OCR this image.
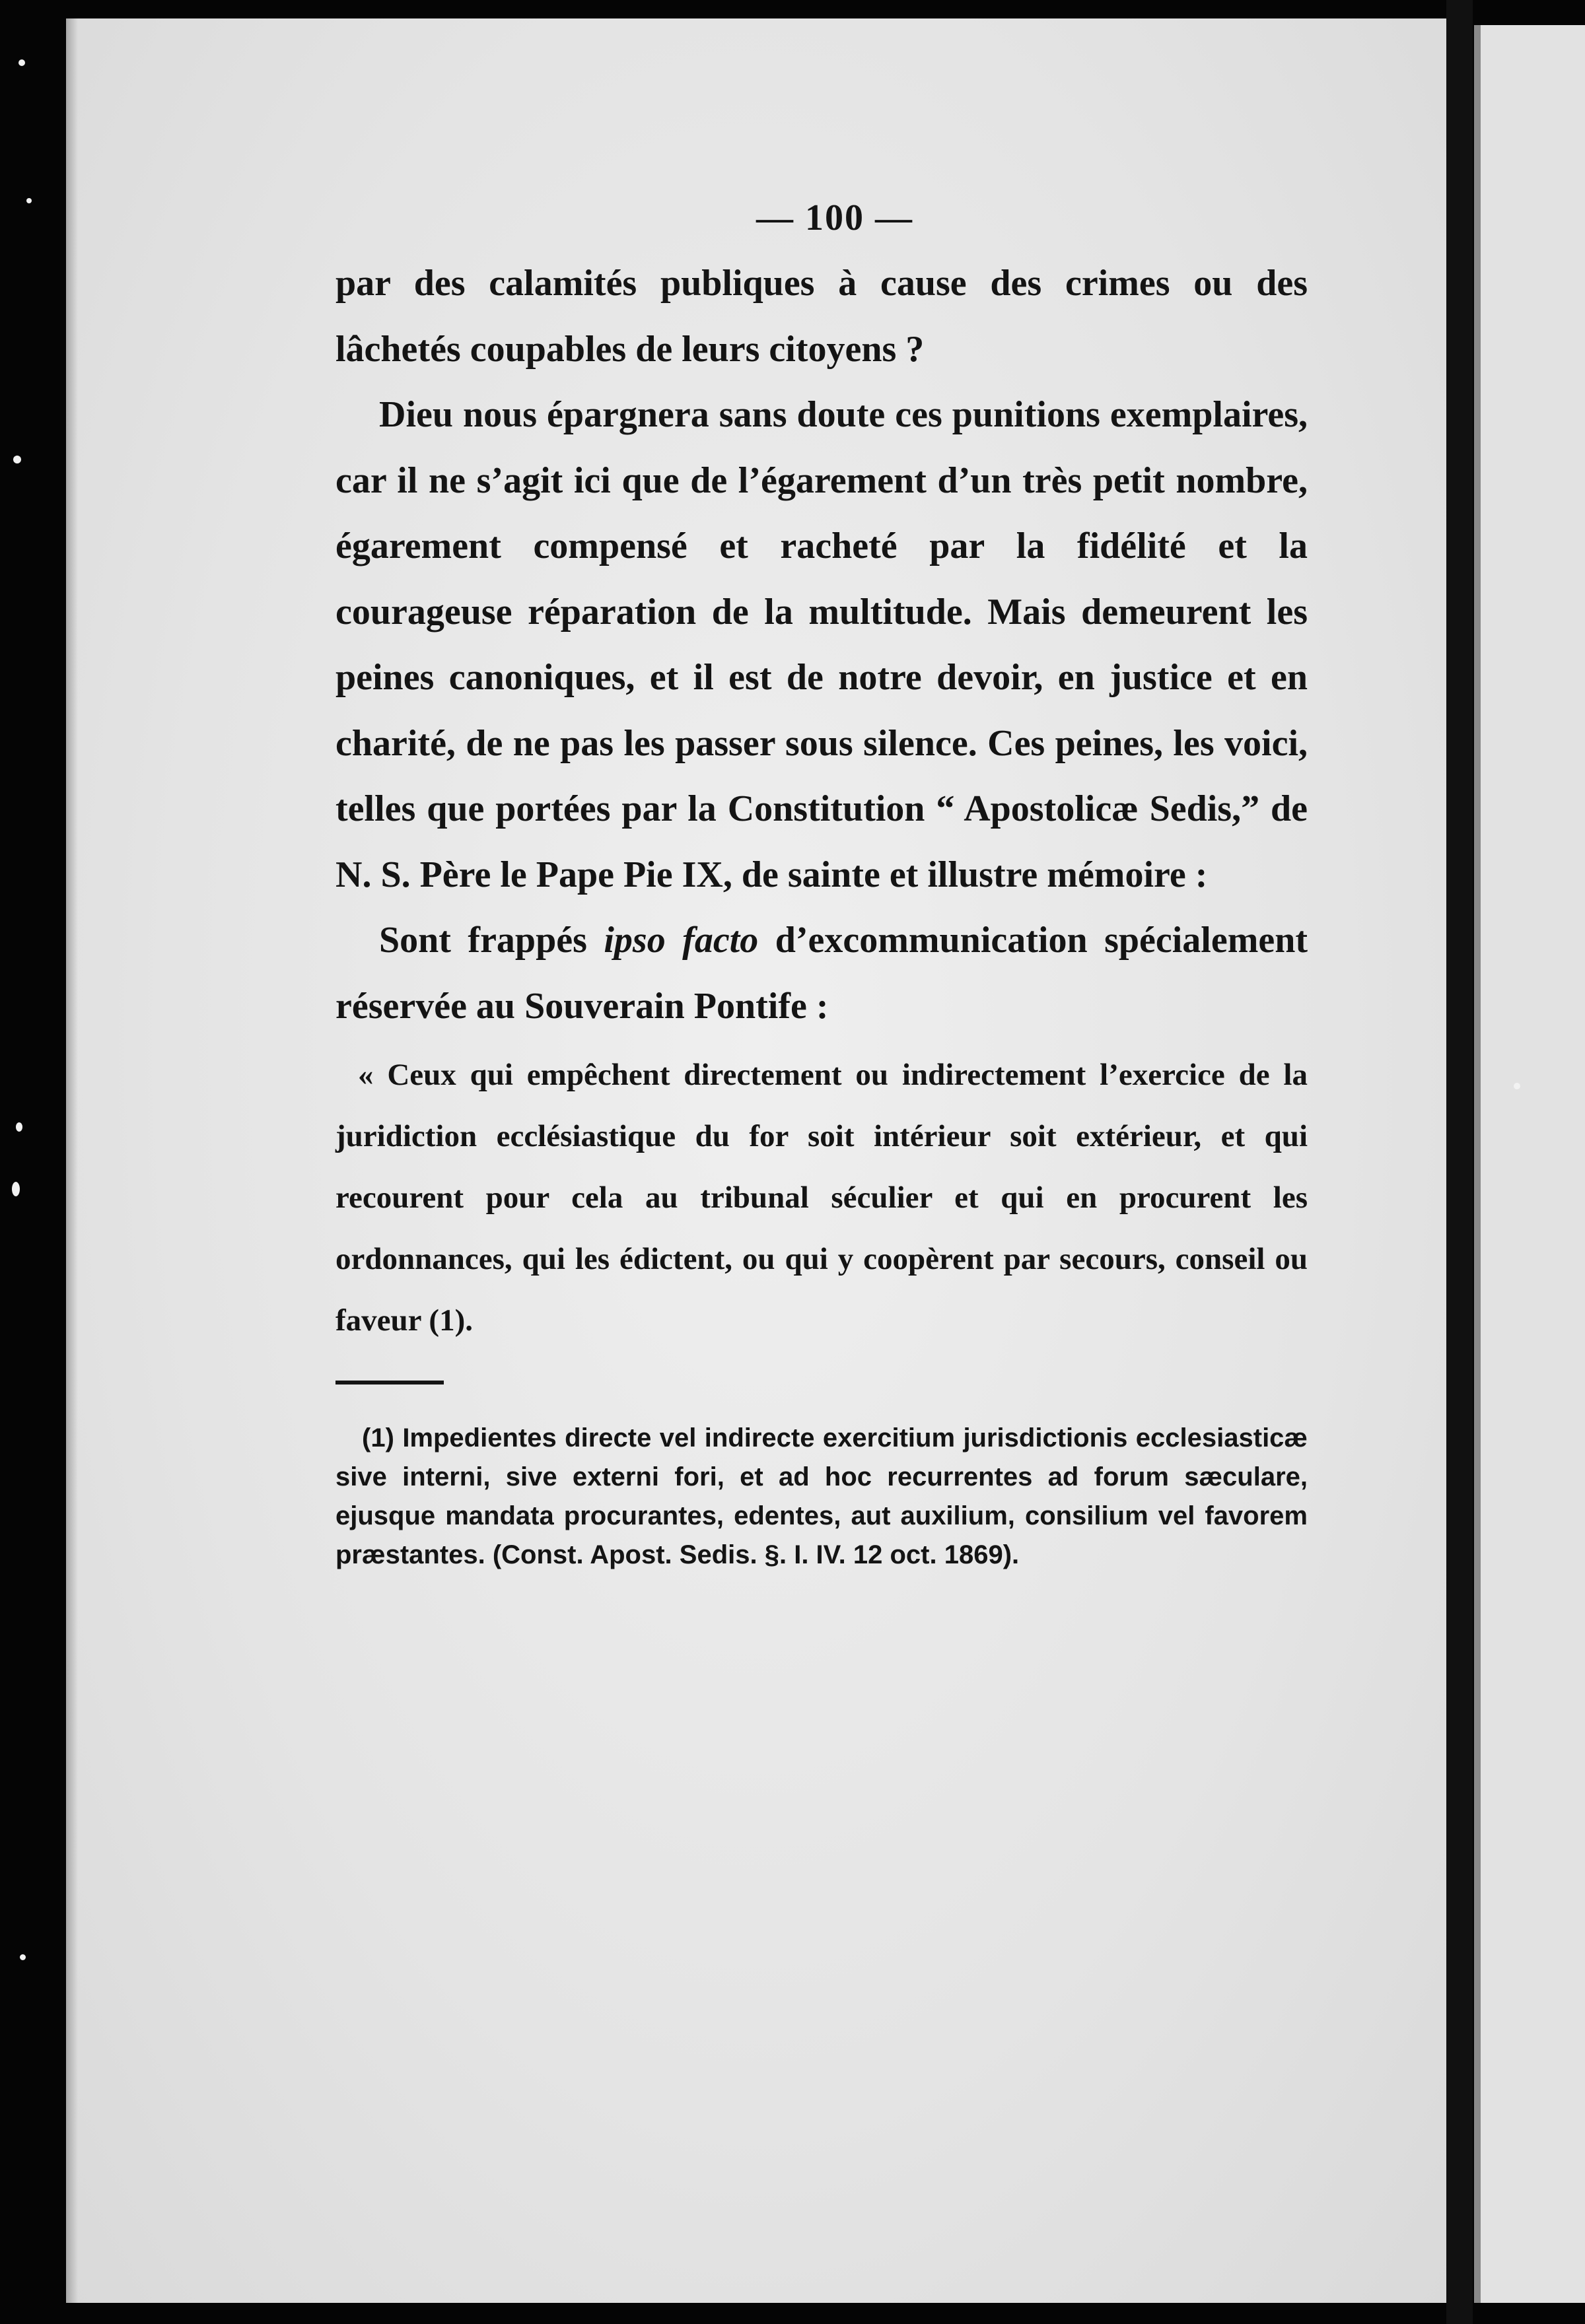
— 100 —

par des calamités publiques à cause des crimes ou des lâchetés coupables de leurs citoyens ?

Dieu nous épargnera sans doute ces punitions exemplaires, car il ne s’agit ici que de l’égarement d’un très petit nombre, égarement compensé et racheté par la fidélité et la courageuse réparation de la multitude. Mais demeurent les peines canoniques, et il est de notre devoir, en justice et en charité, de ne pas les passer sous silence. Ces peines, les voici, telles que portées par la Constitution “ Apostolicæ Sedis,” de N. S. Père le Pape Pie IX, de sainte et illustre mémoire :

Sont frappés ipso facto d’excommunication spécialement réservée au Souverain Pontife :

« Ceux qui empêchent directement ou indirectement l’exercice de la juridiction ecclésiastique du for soit intérieur soit extérieur, et qui recourent pour cela au tribunal séculier et qui en procurent les ordonnances, qui les édictent, ou qui y coopèrent par secours, conseil ou faveur (1).

(1) Impedientes directe vel indirecte exercitium jurisdictionis ecclesiasticæ sive interni, sive externi fori, et ad hoc recurrentes ad forum sæculare, ejusque mandata procurantes, edentes, aut auxilium, consilium vel favorem præstantes. (Const. Apost. Sedis. §. I. IV. 12 oct. 1869).
